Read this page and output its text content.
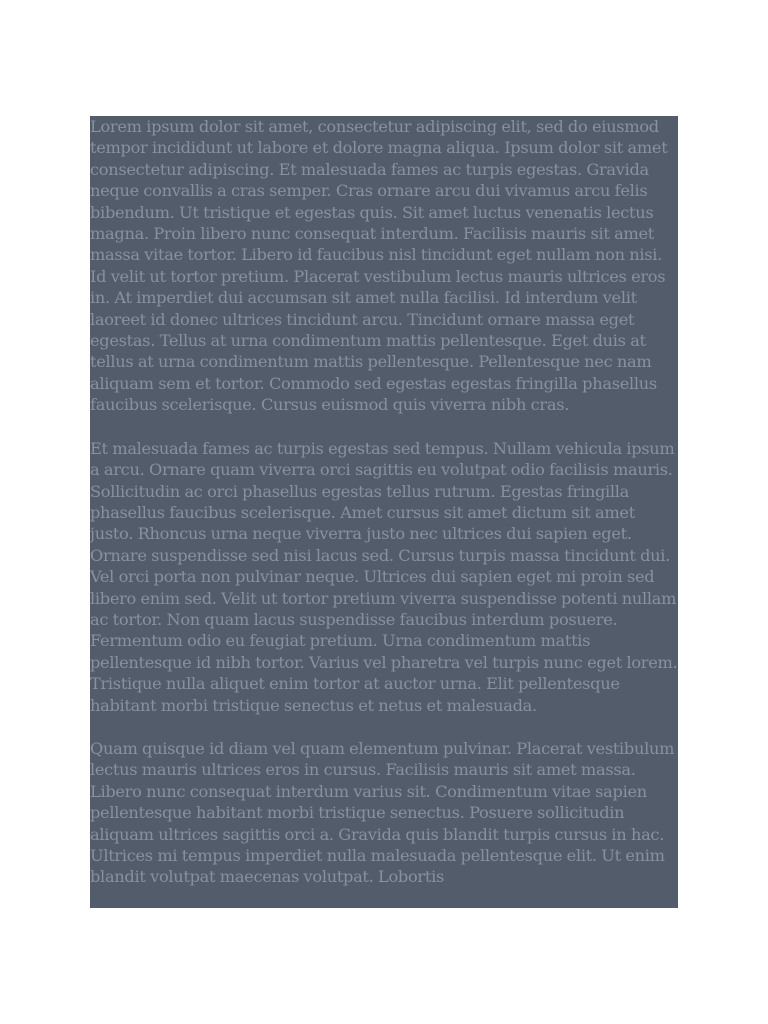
Lorem ipsum dolor sit amet, consectetur adipiscing elit, sed do eiusmod tempor incididunt ut labore et dolore magna aliqua. Ipsum dolor sit amet consectetur adipiscing. Et malesuada fames ac turpis egestas. Gravida neque convallis a cras semper. Cras ornare arcu dui vivamus arcu felis bibendum. Ut tristique et egestas quis. Sit amet luctus venenatis lectus magna. Proin libero nunc consequat interdum. Facilisis mauris sit amet massa vitae tortor. Libero id faucibus nisl tincidunt eget nullam non nisi. Id velit ut tortor pretium. Placerat vestibulum lectus mauris ultrices eros in. At imperdiet dui accumsan sit amet nulla facilisi. Id interdum velit laoreet id donec ultrices tincidunt arcu. Tincidunt ornare massa eget egestas. Tellus at urna condimentum mattis pellentesque. Eget duis at tellus at urna condimentum mattis pellentesque. Pellentesque nec nam aliquam sem et tortor. Commodo sed egestas egestas fringilla phasellus faucibus scelerisque. Cursus euismod quis viverra nibh cras.

Et malesuada fames ac turpis egestas sed tempus. Nullam vehicula ipsum a arcu. Ornare quam viverra orci sagittis eu volutpat odio facilisis mauris. Sollicitudin ac orci phasellus egestas tellus rutrum. Egestas fringilla phasellus faucibus scelerisque. Amet cursus sit amet dictum sit amet justo. Rhoncus urna neque viverra justo nec ultrices dui sapien eget. Ornare suspendisse sed nisi lacus sed. Cursus turpis massa tincidunt dui. Vel orci porta non pulvinar neque. Ultrices dui sapien eget mi proin sed libero enim sed. Velit ut tortor pretium viverra suspendisse potenti nullam ac tortor. Non quam lacus suspendisse faucibus interdum posuere. Fermentum odio eu feugiat pretium. Urna condimentum mattis pellentesque id nibh tortor. Varius vel pharetra vel turpis nunc eget lorem. Tristique nulla aliquet enim tortor at auctor urna. Elit pellentesque habitant morbi tristique senectus et netus et malesuada.

Quam quisque id diam vel quam elementum pulvinar. Placerat vestibulum lectus mauris ultrices eros in cursus. Facilisis mauris sit amet massa. Libero nunc consequat interdum varius sit. Condimentum vitae sapien pellentesque habitant morbi tristique senectus. Posuere sollicitudin aliquam ultrices sagittis orci a. Gravida quis blandit turpis cursus in hac. Ultrices mi tempus imperdiet nulla malesuada pellentesque elit. Ut enim blandit volutpat maecenas volutpat. Lobortis
